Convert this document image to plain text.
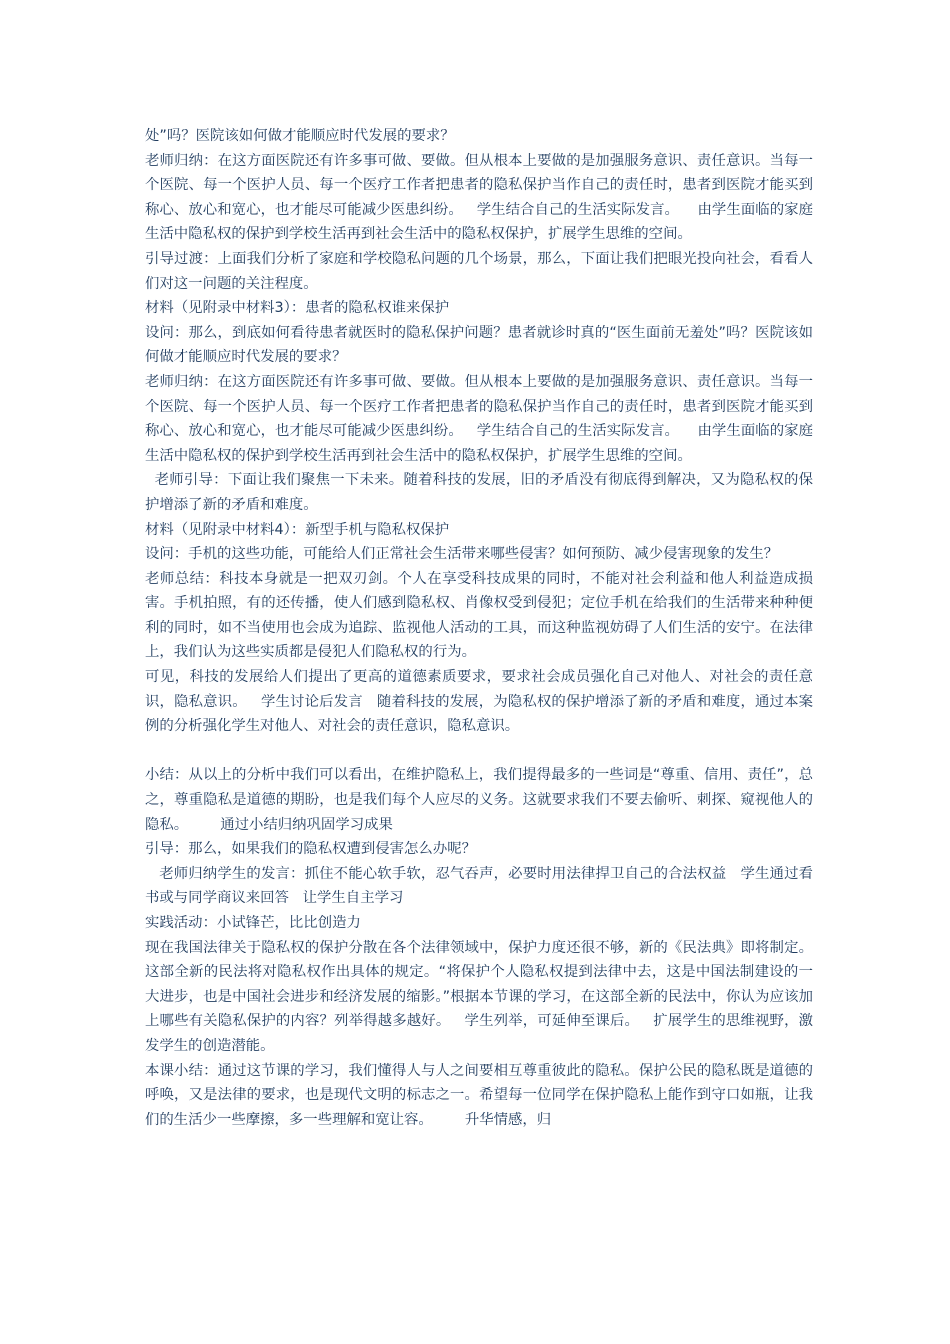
处”吗？医院该如何做才能顺应时代发展的要求？

老师归纳：在这方面医院还有许多事可做、要做。但从根本上要做的是加强服务意识、责任意识。当每一个医院、每一个医护人员、每一个医疗工作者把患者的隐私保护当作自己的责任时，患者到医院才能买到称心、放心和宽心，也才能尽可能减少医患纠纷。   学生结合自己的生活实际发言。    由学生面临的家庭生活中隐私权的保护到学校生活再到社会生活中的隐私权保护，扩展学生思维的空间。

引导过渡：上面我们分析了家庭和学校隐私问题的几个场景，那么，下面让我们把眼光投向社会，看看人们对这一问题的关注程度。

材料（见附录中材料3）：患者的隐私权谁来保护

设问：那么，到底如何看待患者就医时的隐私保护问题？患者就诊时真的“医生面前无羞处”吗？医院该如何做才能顺应时代发展的要求？

老师归纳：在这方面医院还有许多事可做、要做。但从根本上要做的是加强服务意识、责任意识。当每一个医院、每一个医护人员、每一个医疗工作者把患者的隐私保护当作自己的责任时，患者到医院才能买到称心、放心和宽心，也才能尽可能减少医患纠纷。   学生结合自己的生活实际发言。    由学生面临的家庭生活中隐私权的保护到学校生活再到社会生活中的隐私权保护，扩展学生思维的空间。

老师引导：下面让我们聚焦一下未来。随着科技的发展，旧的矛盾没有彻底得到解决，又为隐私权的保护增添了新的矛盾和难度。

材料（见附录中材料4）：新型手机与隐私权保护

设问：手机的这些功能，可能给人们正常社会生活带来哪些侵害？如何预防、减少侵害现象的发生？

老师总结：科技本身就是一把双刃剑。个人在享受科技成果的同时，不能对社会利益和他人利益造成损害。手机拍照，有的还传播，使人们感到隐私权、肖像权受到侵犯；定位手机在给我们的生活带来种种便利的同时，如不当使用也会成为追踪、监视他人活动的工具，而这种监视妨碍了人们生活的安宁。在法律上，我们认为这些实质都是侵犯人们隐私权的行为。

可见，科技的发展给人们提出了更高的道德素质要求，要求社会成员强化自己对他人、对社会的责任意识，隐私意识。   学生讨论后发言   随着科技的发展，为隐私权的保护增添了新的矛盾和难度，通过本案例的分析强化学生对他人、对社会的责任意识，隐私意识。

小结：从以上的分析中我们可以看出，在维护隐私上，我们提得最多的一些词是“尊重、信用、责任”，总之，尊重隐私是道德的期盼，也是我们每个人应尽的义务。这就要求我们不要去偷听、刺探、窥视他人的隐私。       通过小结归纳巩固学习成果

引导：那么，如果我们的隐私权遭到侵害怎么办呢？

老师归纳学生的发言：抓住不能心软手软，忍气吞声，必要时用法律捍卫自己的合法权益   学生通过看书或与同学商议来回答   让学生自主学习

实践活动：小试锋芒，比比创造力

现在我国法律关于隐私权的保护分散在各个法律领域中，保护力度还很不够，新的《民法典》即将制定。这部全新的民法将对隐私权作出具体的规定。“将保护个人隐私权提到法律中去，这是中国法制建设的一大进步，也是中国社会进步和经济发展的缩影。”根据本节课的学习，在这部全新的民法中，你认为应该加上哪些有关隐私保护的内容？列举得越多越好。   学生列举，可延伸至课后。   扩展学生的思维视野，激发学生的创造潜能。

本课小结：通过这节课的学习，我们懂得人与人之间要相互尊重彼此的隐私。保护公民的隐私既是道德的呼唤，又是法律的要求，也是现代文明的标志之一。希望每一位同学在保护隐私上能作到守口如瓶，让我们的生活少一些摩擦，多一些理解和宽让容。       升华情感，归
